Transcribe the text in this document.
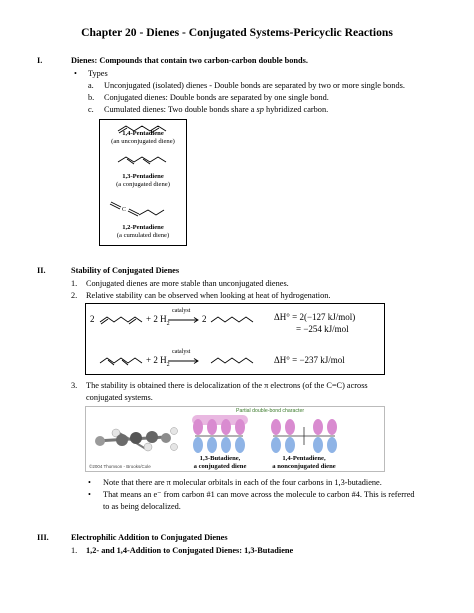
Chapter 20 - Dienes - Conjugated Systems-Pericyclic Reactions
I.	Dienes: Compounds that contain two carbon-carbon double bonds.
• Types
a. Unconjugated (isolated) dienes - Double bonds are separated by two or more single bonds.
b. Conjugated dienes: Double bonds are separated by one single bond.
c. Cumulated dienes: Two double bonds share a sp hybridized carbon.
1,4-Pentadiene
(an unconjugated diene)
1,3-Pentadiene
(a conjugated diene)
C
1,2-Pentadiene
(a cumulated diene)
II.	Stability of Conjugated Dienes
1. Conjugated dienes are more stable than unconjugated dienes.
2. Relative stability can be observed when looking at heat of hydrogenation.
2	+ 2 $H_2$
catalyst
2	ΔH° = 2(−127 kJ/mol)
= −254 kJ/mol
+ 2 $H_2$
catalyst
ΔH° = −237 kJ/mol
3. The stability is obtained there is delocalization of the π electrons (of the C=C) across
conjugated systems.
Partial double-bond character
1,3-Butadiene,
a conjugated diene
1,4-Pentadiene,
a nonconjugated diene
©2004 Thomson - Brooks/Cole
• Note that there are π molecular orbitals in each of the four carbons in 1,3-butadiene.
• That means an e⁻ from carbon #1 can move across the molecule to carbon #4. This is referred
to as being delocalized.
III.	Electrophilic Addition to Conjugated Dienes
1. 1,2- and 1,4-Addition to Conjugated Dienes: 1,3-Butadiene
